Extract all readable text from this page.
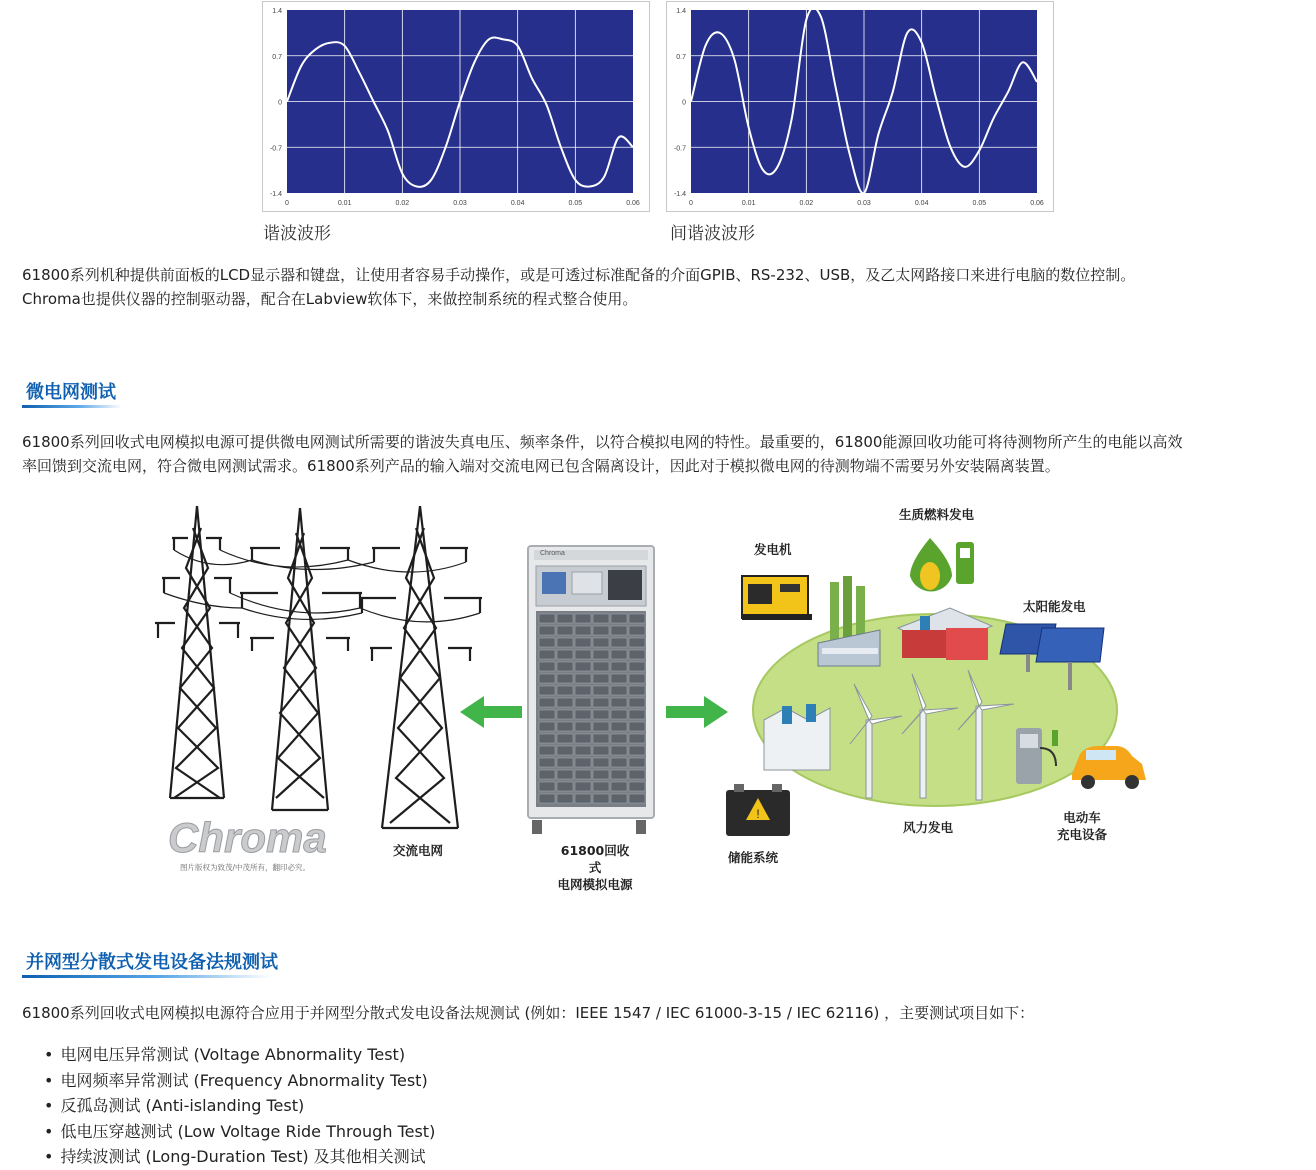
0	0.01	0.02	0.03	0.04	0.05	0.06
1.4
0.7
0
-0.7
-1.4
谐波波形
0	0.01	0.02	0.03	0.04	0.05	0.06
1.4
0.7
0
-0.7
-1.4
间谐波波形
61800系列机种提供前面板的LCD显示器和键盘，让使用者容易手动操作，或是可透过标准配备的介面GPIB、RS-232、USB，及乙太网路接口来进行电脑的数位控制。
Chroma也提供仪器的控制驱动器，配合在Labview软体下，来做控制系统的程式整合使用。
微电网测试
61800系列回收式电网模拟电源可提供微电网测试所需要的谐波失真电压、频率条件，以符合模拟电网的特性。最重要的，61800能源回收功能可将待测物所产生的电能以高效
率回馈到交流电网，符合微电网测试需求。61800系列产品的输入端对交流电网已包含隔离设计，因此对于模拟微电网的待测物端不需要另外安装隔离装置。
Chroma
!
Chroma
图片版权为致茂/中茂所有，翻印必究。
交流电网	61800回收式
电网模拟电源
发电机
生质燃料发电
太阳能发电
风力发电
储能系统
电动车
充电设备
并网型分散式发电设备法规测试
61800系列回收式电网模拟电源符合应用于并网型分散式发电设备法规测试 (例如：IEEE 1547 / IEC 61000-3-15 / IEC 62116) ，主要测试项目如下：
• 电网电压异常测试 (Voltage Abnormality Test)
• 电网频率异常测试 (Frequency Abnormality Test)
• 反孤岛测试 (Anti-islanding Test)
• 低电压穿越测试 (Low Voltage Ride Through Test)
• 持续波测试 (Long-Duration Test) 及其他相关测试
